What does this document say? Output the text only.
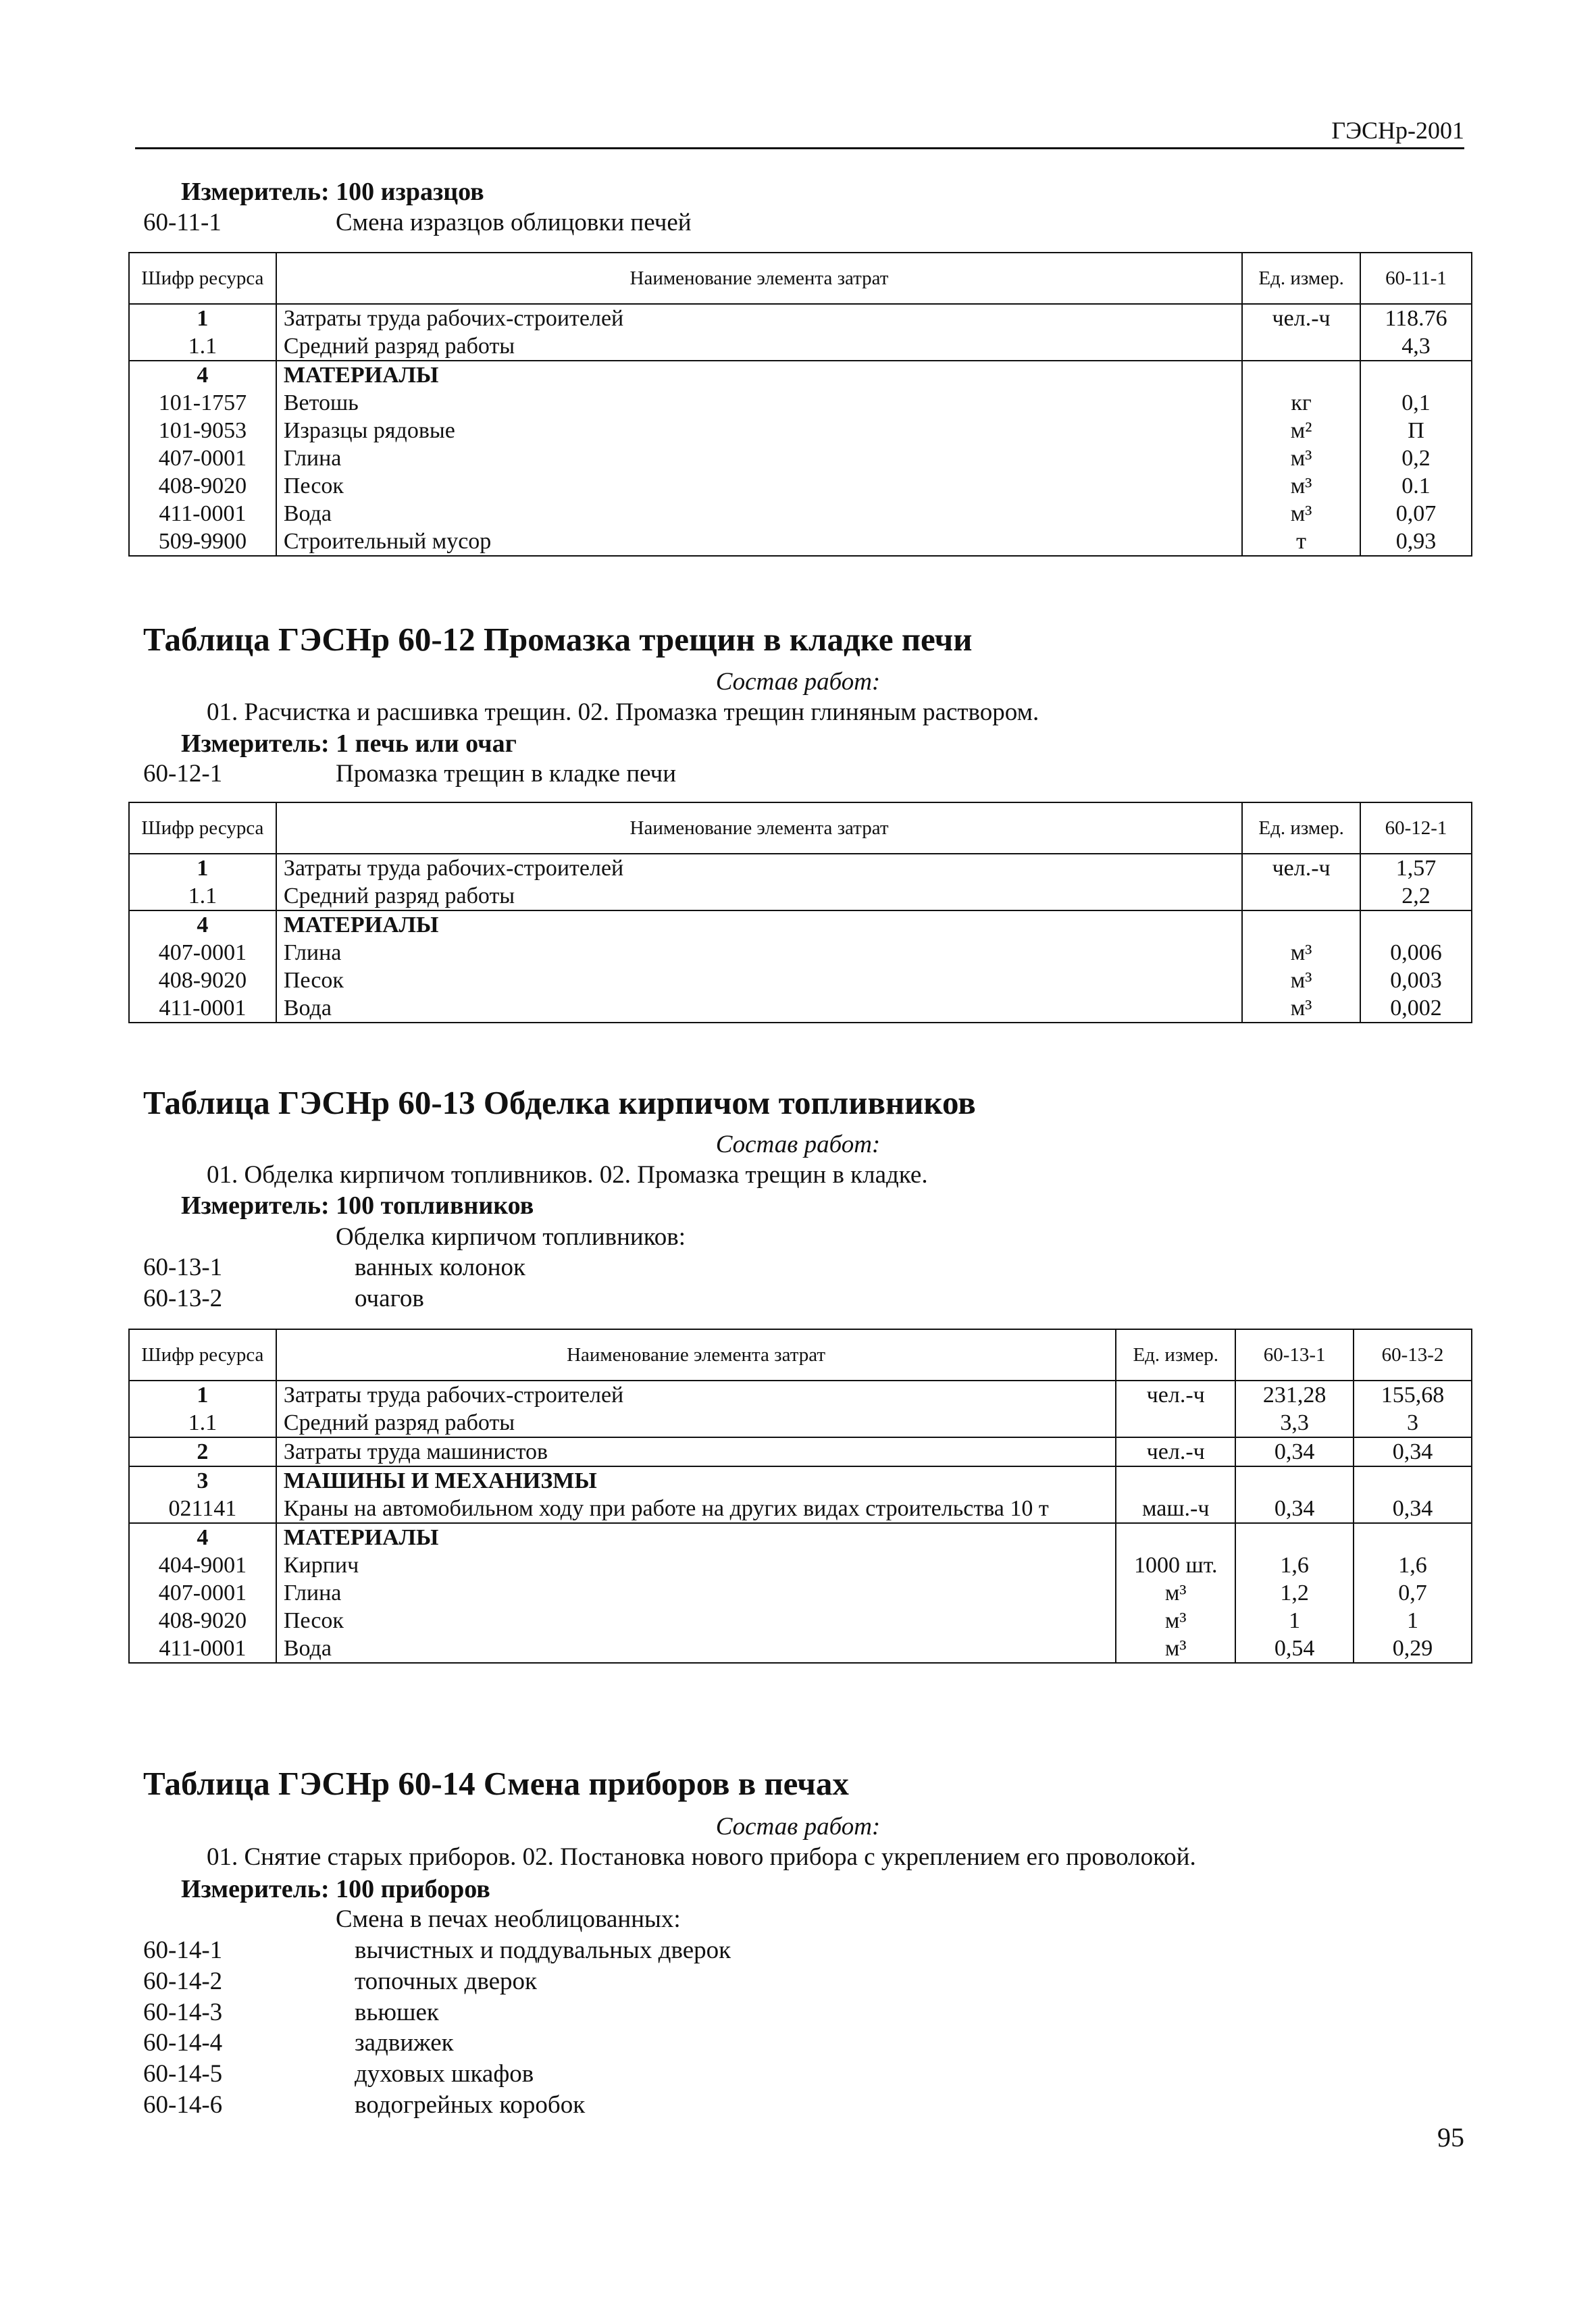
ГЭСНр-2001
Измеритель: 100 изразцов
60-11-1	Смена изразцов облицовки печей
Шифр ресурса	Наименование элемента затрат	Ед. измер.	60-11-1
1	Затраты труда рабочих-строителей	чел.-ч	118.76
1.1	Средний разряд работы		4,3
4	МАТЕРИАЛЫ		
101-1757	Ветошь	кг	0,1
101-9053	Изразцы рядовые	м²	П
407-0001	Глина	м³	0,2
408-9020	Песок	м³	0.1
411-0001	Вода	м³	0,07
509-9900	Строительный мусор	т	0,93
Таблица ГЭСНр 60-12 Промазка трещин в кладке печи
Состав работ:
01. Расчистка и расшивка трещин. 02. Промазка трещин глиняным раствором.
Измеритель: 1 печь или очаг
60-12-1	Промазка трещин в кладке печи
Шифр ресурса	Наименование элемента затрат	Ед. измер.	60-12-1
1	Затраты труда рабочих-строителей	чел.-ч	1,57
1.1	Средний разряд работы		2,2
4	МАТЕРИАЛЫ		
407-0001	Глина	м³	0,006
408-9020	Песок	м³	0,003
411-0001	Вода	м³	0,002
Таблица ГЭСНр 60-13 Обделка кирпичом топливников
Состав работ:
01. Обделка кирпичом топливников. 02. Промазка трещин в кладке.
Измеритель: 100 топливников
Обделка кирпичом топливников:
60-13-1	ванных колонок
60-13-2	очагов
Шифр ресурса	Наименование элемента затрат	Ед. измер.	60-13-1	60-13-2
1	Затраты труда рабочих-строителей	чел.-ч	231,28	155,68
1.1	Средний разряд работы		3,3	3
2	Затраты труда машинистов	чел.-ч	0,34	0,34
3	МАШИНЫ И МЕХАНИЗМЫ			
021141	Краны на автомобильном ходу при работе на других видах строительства 10 т	маш.-ч	0,34	0,34
4	МАТЕРИАЛЫ			
404-9001	Кирпич	1000 шт.	1,6	1,6
407-0001	Глина	м³	1,2	0,7
408-9020	Песок	м³	1	1
411-0001	Вода	м³	0,54	0,29
Таблица ГЭСНр 60-14 Смена приборов в печах
Состав работ:
01. Снятие старых приборов. 02. Постановка нового прибора с укреплением его проволокой.
Измеритель: 100 приборов
Смена в печах необлицованных:
60-14-1	вычистных и поддувальных дверок
60-14-2	топочных дверок
60-14-3	вьюшек
60-14-4	задвижек
60-14-5	духовых шкафов
60-14-6	водогрейных коробок
95
